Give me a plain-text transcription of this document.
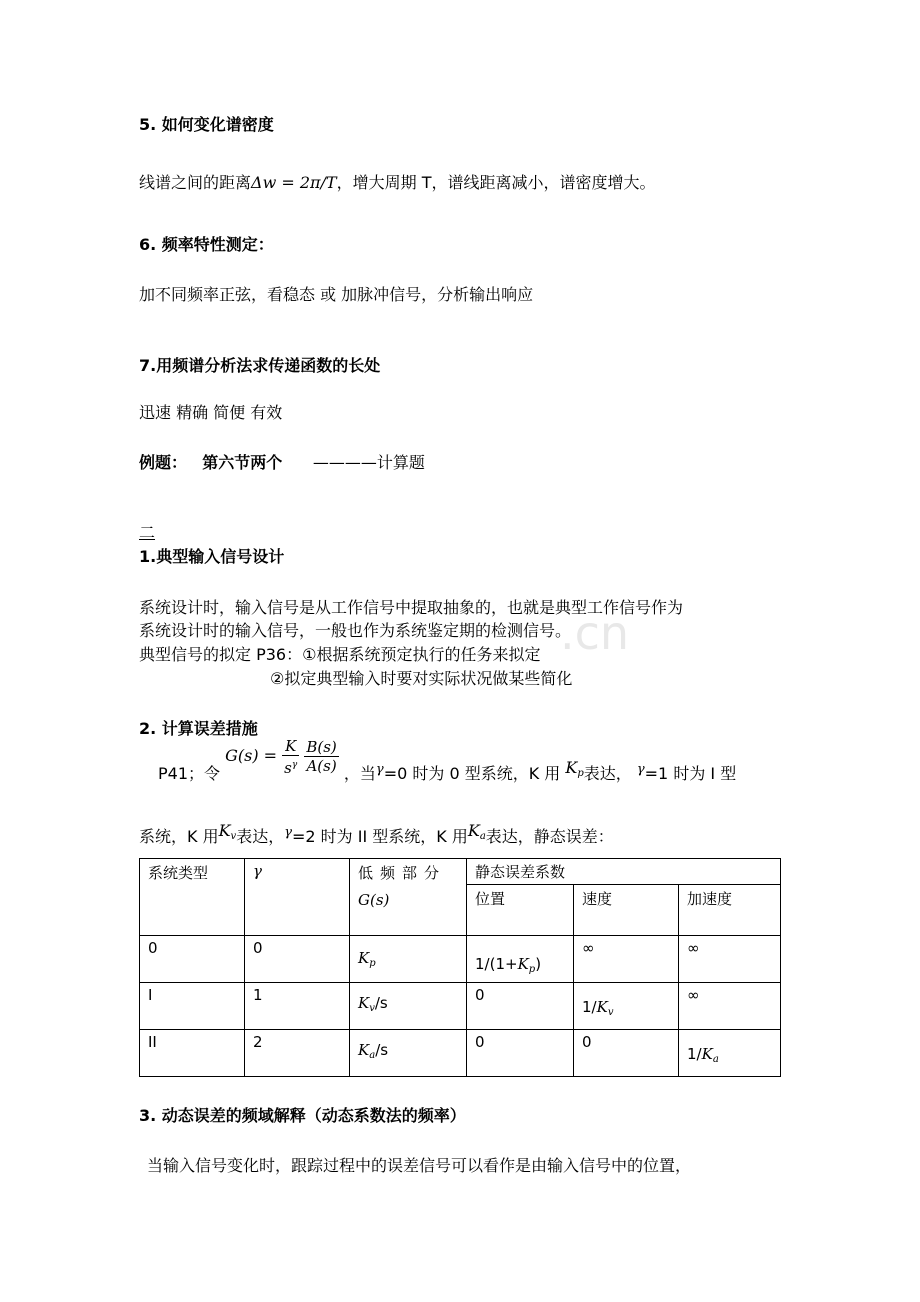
.cn
5. 如何变化谱密度
线谱之间的距离Δw = 2π/T，增大周期 T，谱线距离减小，谱密度增大。
6. 频率特性测定：
加不同频率正弦，看稳态 或 加脉冲信号，分析输出响应
7.用频谱分析法求传递函数的长处
迅速 精确 简便 有效
例题： 第六节两个 ————计算题
二
1.典型输入信号设计
系统设计时，输入信号是从工作信号中提取抽象的，也就是典型工作信号作为
系统设计时的输入信号，一般也作为系统鉴定期的检测信号。
典型信号的拟定 P36：①根据系统预定执行的任务来拟定
②拟定典型输入时要对实际状况做某些简化
2. 计算误差措施
P41；令 $G(s) = \frac{K}{s^\gamma}$
$\frac{B(s)}{A(s)}$ ，当$^\gamma$=0 时为 0 型系统，K 用 $K_p$表达， $^\gamma$=1 时为 I 型
系统，K 用$K_v$表达，$^\gamma$=2 时为 II 型系统，K 用$K_a$表达，静态误差：
系统类型	γ	低频部分
G(s)	静态误差系数		
			位置	速度	加速度
0	0	$K_p$	$1/(1+K_p)$	∞	∞
I	1	$K_v/s$	0	$1/K_v$	∞
II	2	$K_a/s$	0	0	$1/K_a$
3. 动态误差的频域解释（动态系数法的频率）
当输入信号变化时，跟踪过程中的误差信号可以看作是由输入信号中的位置，
